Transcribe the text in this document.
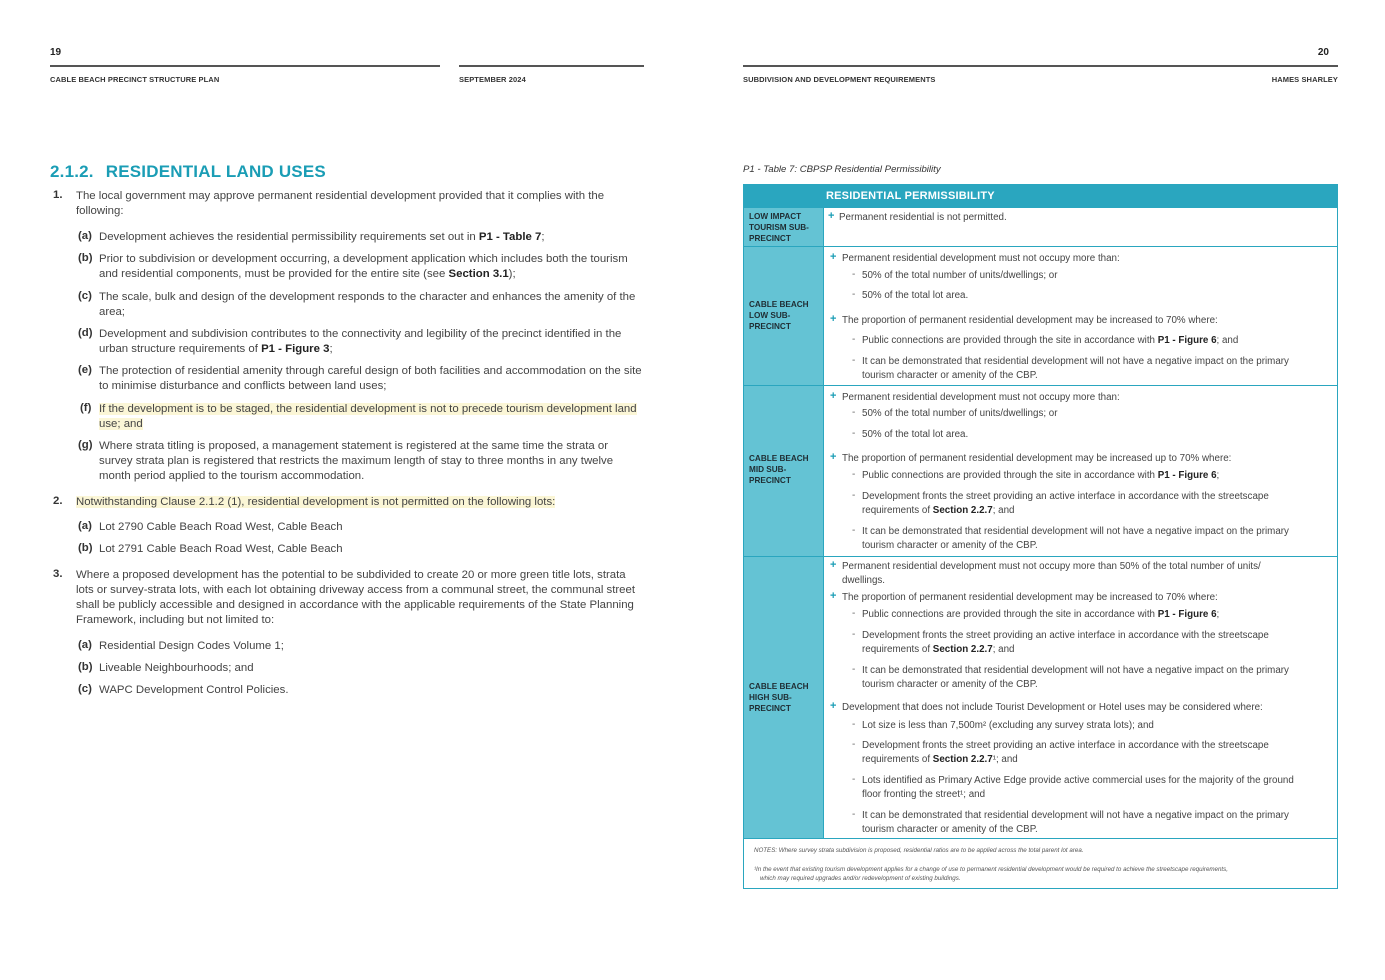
19
CABLE BEACH PRECINCT STRUCTURE PLAN	SEPTEMBER 2024
2.1.2. RESIDENTIAL LAND USES
1. The local government may approve permanent residential development provided that it complies with the following:
(a) Development achieves the residential permissibility requirements set out in P1 - Table 7;
(b) Prior to subdivision or development occurring, a development application which includes both the tourism and residential components, must be provided for the entire site (see Section 3.1);
(c) The scale, bulk and design of the development responds to the character and enhances the amenity of the area;
(d) Development and subdivision contributes to the connectivity and legibility of the precinct identified in the urban structure requirements of P1 - Figure 3;
(e) The protection of residential amenity through careful design of both facilities and accommodation on the site to minimise disturbance and conflicts between land uses;
(f) If the development is to be staged, the residential development is not to precede tourism development land use; and
(g) Where strata titling is proposed, a management statement is registered at the same time the strata or survey strata plan is registered that restricts the maximum length of stay to three months in any twelve month period applied to the tourism accommodation.
2. Notwithstanding Clause 2.1.2 (1), residential development is not permitted on the following lots:
(a) Lot 2790 Cable Beach Road West, Cable Beach
(b) Lot 2791 Cable Beach Road West, Cable Beach
3. Where a proposed development has the potential to be subdivided to create 20 or more green title lots, strata lots or survey-strata lots, with each lot obtaining driveway access from a communal street, the communal street shall be publicly accessible and designed in accordance with the applicable requirements of the State Planning Framework, including but not limited to:
(a) Residential Design Codes Volume 1;
(b) Liveable Neighbourhoods; and
(c) WAPC Development Control Policies.
20
SUBDIVISION AND DEVELOPMENT REQUIREMENTS	HAMES SHARLEY
P1 - Table 7: CBPSP Residential Permissibility
RESIDENTIAL PERMISSIBILITY
LOW IMPACT TOURISM SUB-PRECINCT
CABLE BEACH LOW SUB-PRECINCT
CABLE BEACH MID SUB-PRECINCT
CABLE BEACH HIGH SUB-PRECINCT
+ Permanent residential is not permitted.
+ Permanent residential development must not occupy more than:
- 50% of the total number of units/dwellings; or
- 50% of the total lot area.
+ The proportion of permanent residential development may be increased to 70% where:
- Public connections are provided through the site in accordance with P1 - Figure 6; and
- It can be demonstrated that residential development will not have a negative impact on the primary
tourism character or amenity of the CBP.
+ Permanent residential development must not occupy more than:
- 50% of the total number of units/dwellings; or
- 50% of the total lot area.
+ The proportion of permanent residential development may be increased up to 70% where:
- Public connections are provided through the site in accordance with P1 - Figure 6;
- Development fronts the street providing an active interface in accordance with the streetscape
requirements of Section 2.2.7; and
- It can be demonstrated that residential development will not have a negative impact on the primary
tourism character or amenity of the CBP.
+ Permanent residential development must not occupy more than 50% of the total number of units/
dwellings.
+ The proportion of permanent residential development may be increased to 70% where:
- Public connections are provided through the site in accordance with P1 - Figure 6;
- Development fronts the street providing an active interface in accordance with the streetscape
requirements of Section 2.2.7; and
- It can be demonstrated that residential development will not have a negative impact on the primary
tourism character or amenity of the CBP.
+ Development that does not include Tourist Development or Hotel uses may be considered where:
- Lot size is less than 7,500m² (excluding any survey strata lots); and
- Development fronts the street providing an active interface in accordance with the streetscape
requirements of Section 2.2.7¹; and
- Lots identified as Primary Active Edge provide active commercial uses for the majority of the ground
floor fronting the street¹; and
- It can be demonstrated that residential development will not have a negative impact on the primary
tourism character or amenity of the CBP.
NOTES: Where survey strata subdivision is proposed, residential ratios are to be applied across the total parent lot area.
¹In the event that existing tourism development applies for a change of use to permanent residential development would be required to achieve the streetscape requirements,
which may required upgrades and/or redevelopment of existing buildings.
